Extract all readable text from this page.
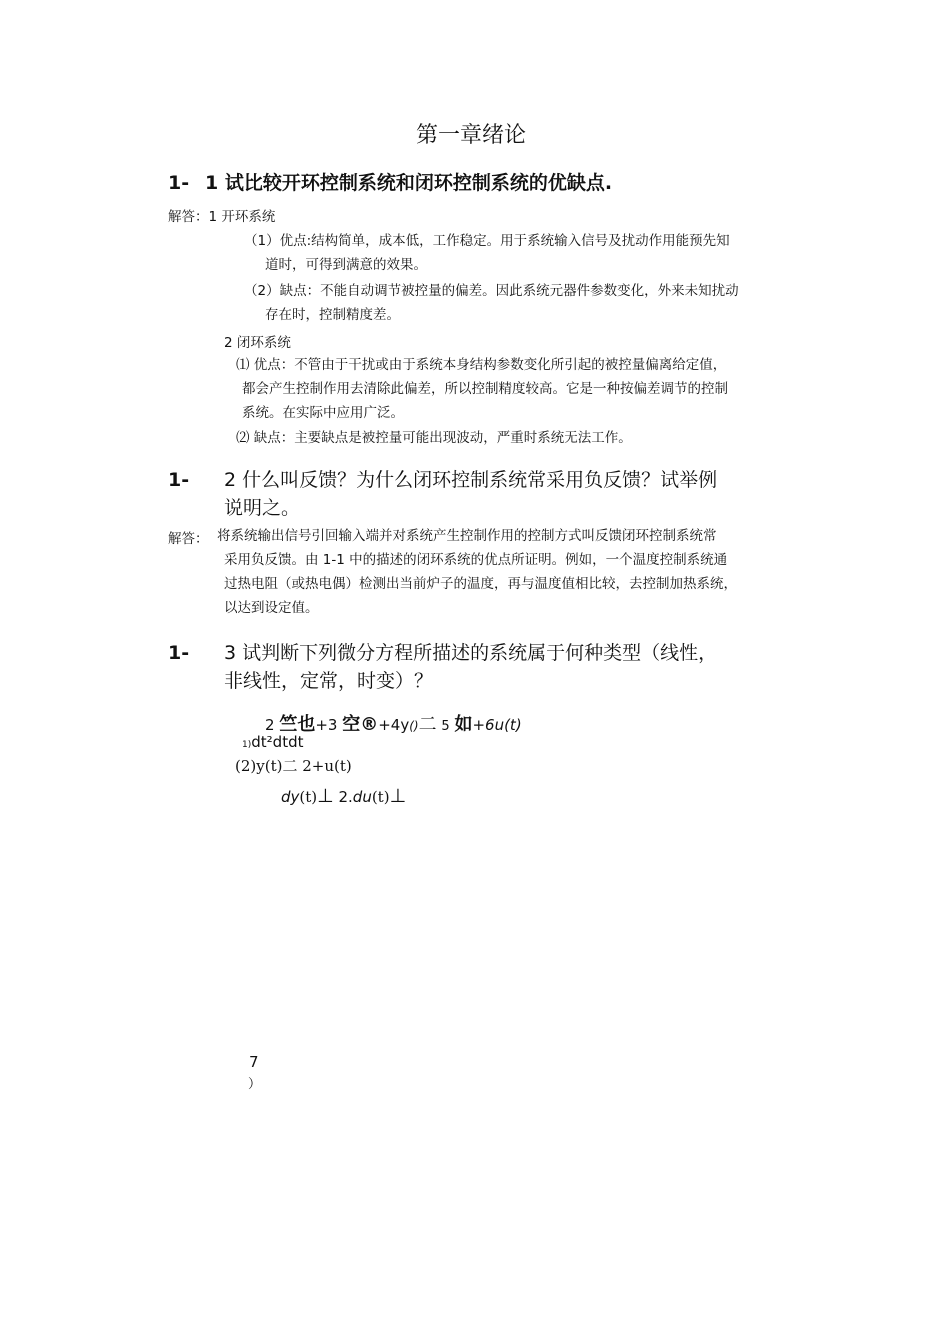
第一章绪论
1- 1 试比较开环控制系统和闭环控制系统的优缺点.
解答：1 开环系统
（1）优点:结构简单，成本低，工作稳定。用于系统输入信号及扰动作用能预先知
道时，可得到满意的效果。
（2）缺点：不能自动调节被控量的偏差。因此系统元器件参数变化，外来未知扰动
存在时，控制精度差。
2 闭环系统
⑴ 优点：不管由于干扰或由于系统本身结构参数变化所引起的被控量偏离给定值，
都会产生控制作用去清除此偏差，所以控制精度较高。它是一种按偏差调节的控制
系统。在实际中应用广泛。
⑵ 缺点：主要缺点是被控量可能出现波动，严重时系统无法工作。
1- 2 什么叫反馈？为什么闭环控制系统常采用负反馈？试举例
说明之。
解答： 将系统输出信号引回输入端并对系统产生控制作用的控制方式叫反馈闭环控制系统常
采用负反馈。由 1-1 中的描述的闭环系统的优点所证明。例如，一个温度控制系统通
过热电阻（或热电偶）检测出当前炉子的温度，再与温度值相比较，去控制加热系统，
以达到设定值。
1- 3 试判断下列微分方程所描述的系统属于何种类型（线性，
非线性，定常，时变）？
2 竺也+3 空®+4y()二 5 如+6u(t)
1)dt²dtdt
(2)y(t)二 2+u(t)
dy(t)⊥ 2.du(t)⊥
7
）
